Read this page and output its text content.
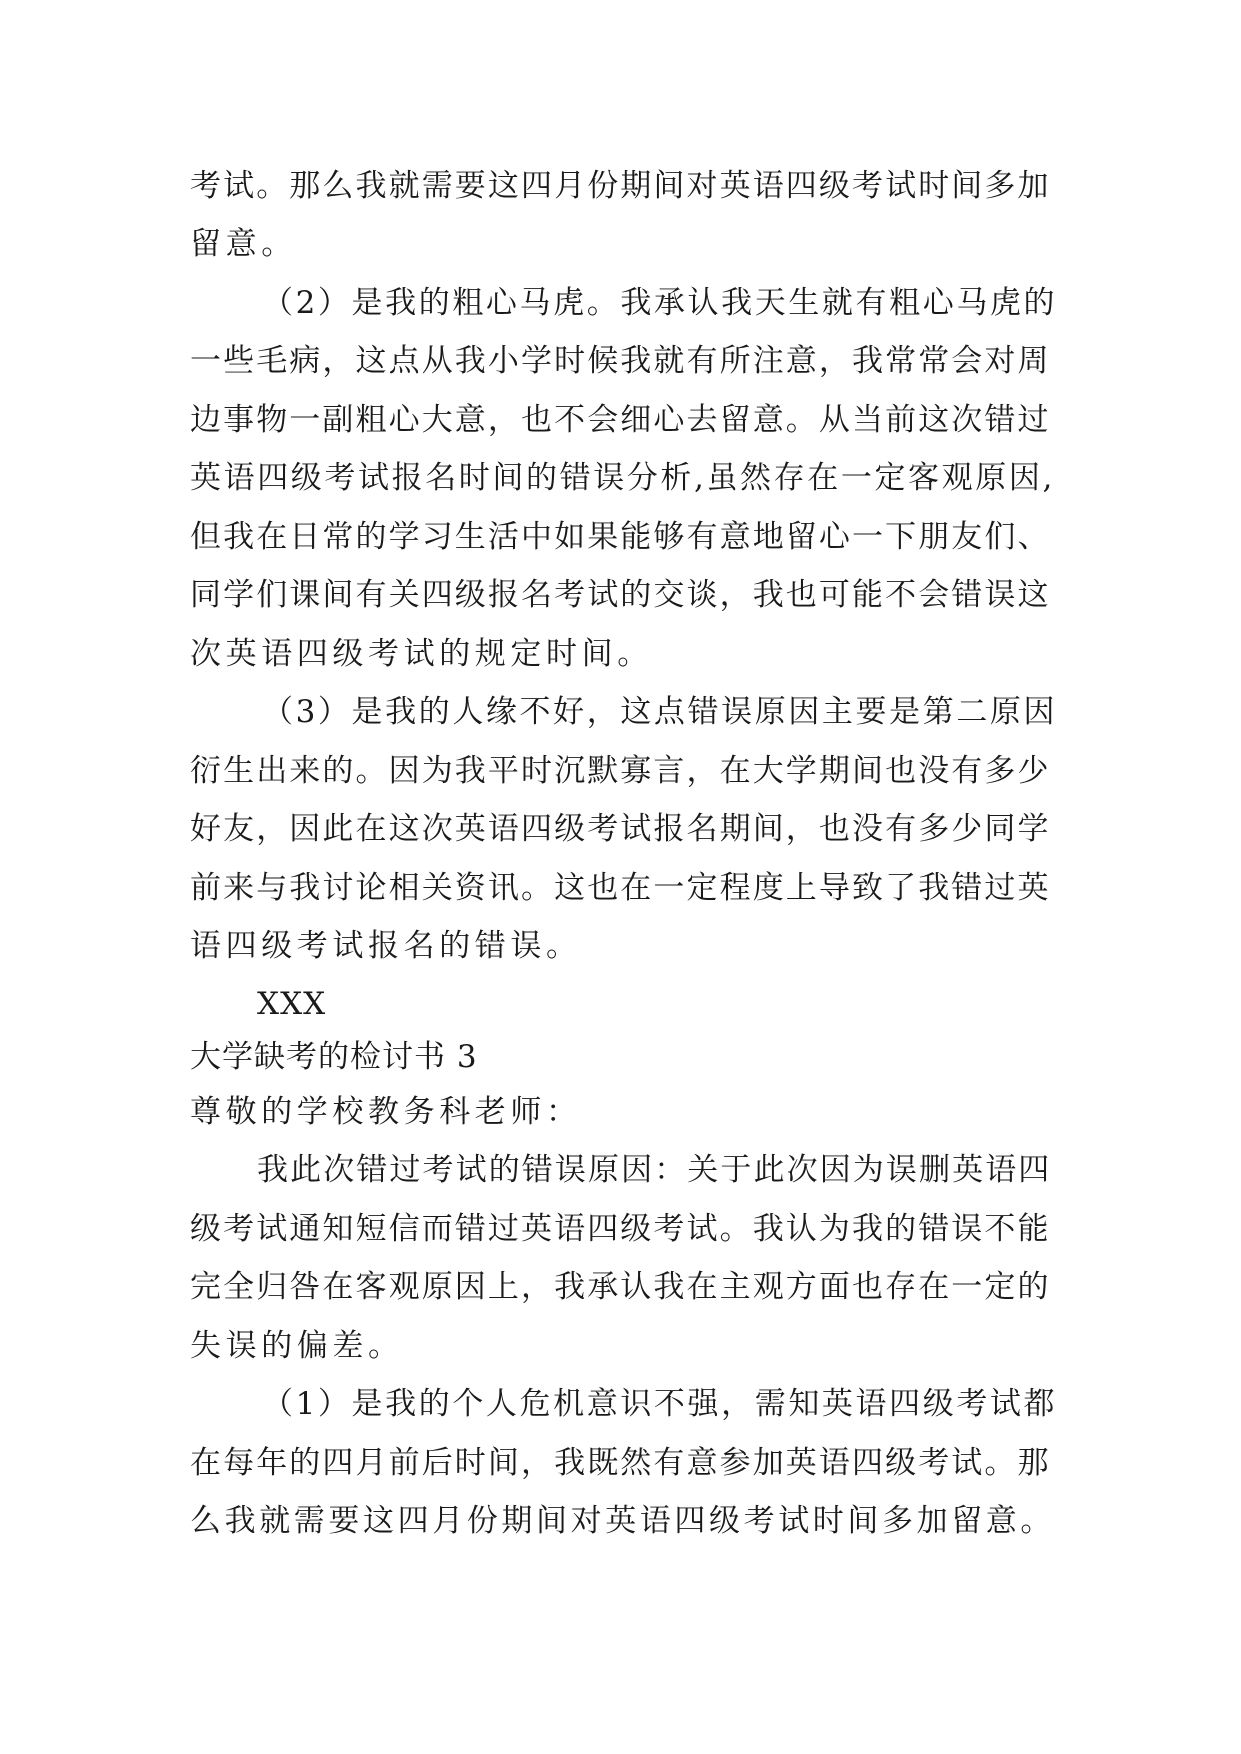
考试。那么我就需要这四月份期间对英语四级考试时间多加
留意。
（2）是我的粗心马虎。我承认我天生就有粗心马虎的
一些毛病，这点从我小学时候我就有所注意，我常常会对周
边事物一副粗心大意，也不会细心去留意。从当前这次错过
英语四级考试报名时间的错误分析,虽然存在一定客观原因,
但我在日常的学习生活中如果能够有意地留心一下朋友们、
同学们课间有关四级报名考试的交谈，我也可能不会错误这
次英语四级考试的规定时间。
（3）是我的人缘不好，这点错误原因主要是第二原因
衍生出来的。因为我平时沉默寡言，在大学期间也没有多少
好友，因此在这次英语四级考试报名期间，也没有多少同学
前来与我讨论相关资讯。这也在一定程度上导致了我错过英
语四级考试报名的错误。
XXX
大学缺考的检讨书 3
尊敬的学校教务科老师：
我此次错过考试的错误原因：关于此次因为误删英语四
级考试通知短信而错过英语四级考试。我认为我的错误不能
完全归咎在客观原因上，我承认我在主观方面也存在一定的
失误的偏差。
（1）是我的个人危机意识不强，需知英语四级考试都
在每年的四月前后时间，我既然有意参加英语四级考试。那
么我就需要这四月份期间对英语四级考试时间多加留意。
